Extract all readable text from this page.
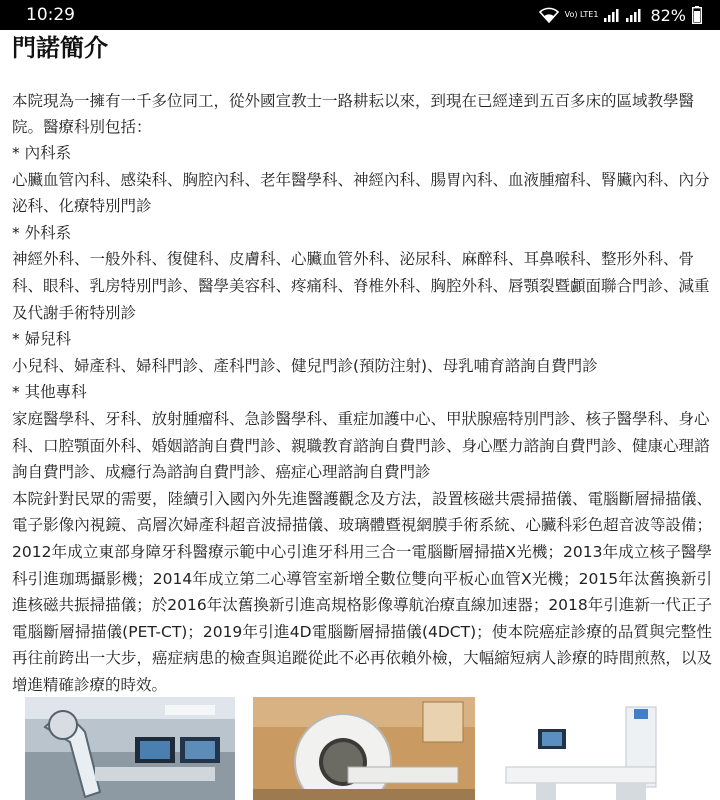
10:29	Vo) LTE1	82%
門諾簡介

本院現為一擁有一千多位同工，從外國宣教士一路耕耘以來，到現在已經達到五百多床的區域教學醫院。醫療科別包括：

* 內科系
心臟血管內科、感染科、胸腔內科、老年醫學科、神經內科、腸胃內科、血液腫瘤科、腎臟內科、內分泌科、化療特別門診
* 外科系
神經外科、一般外科、復健科、皮膚科、心臟血管外科、泌尿科、麻醉科、耳鼻喉科、整形外科、骨科、眼科、乳房特別門診、醫學美容科、疼痛科、脊椎外科、胸腔外科、唇顎裂暨顱面聯合門診、減重及代謝手術特別診
* 婦兒科
小兒科、婦產科、婦科門診、產科門診、健兒門診(預防注射)、母乳哺育諮詢自費門診
* 其他專科
家庭醫學科、牙科、放射腫瘤科、急診醫學科、重症加護中心、甲狀腺癌特別門診、核子醫學科、身心科、口腔顎面外科、婚姻諮詢自費門診、親職教育諮詢自費門診、身心壓力諮詢自費門診、健康心理諮詢自費門診、成癮行為諮詢自費門診、癌症心理諮詢自費門診

本院針對民眾的需要，陸續引入國內外先進醫護觀念及方法，設置核磁共震掃描儀、電腦斷層掃描儀、電子影像內視鏡、高層次婦產科超音波掃描儀、玻璃體暨視網膜手術系統、心臟科彩色超音波等設備；2012年成立東部身障牙科醫療示範中心引進牙科用三合一電腦斷層掃描X光機；2013年成立核子醫學科引進珈瑪攝影機；2014年成立第二心導管室新增全數位雙向平板心血管X光機；2015年汰舊換新引進核磁共振掃描儀；於2016年汰舊換新引進高規格影像導航治療直線加速器；2018年引進新一代正子電腦斷層掃描儀(PET-CT)；2019年引進4D電腦斷層掃描儀(4DCT)；使本院癌症診療的品質與完整性再往前跨出一大步，癌症病患的檢查與追蹤從此不必再依賴外檢，大幅縮短病人診療的時間煎熬，以及增進精確診療的時效。
